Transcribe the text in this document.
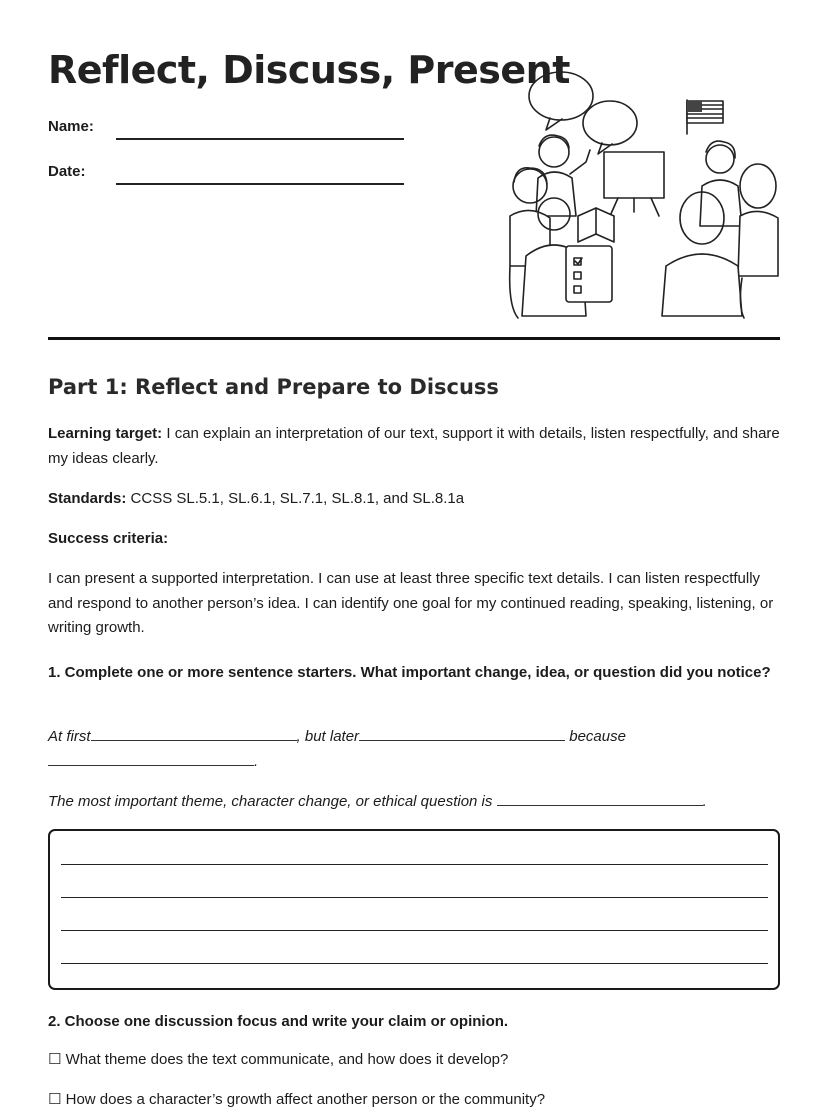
Reflect, Discuss, Present
Name:
Date:
Part 1: Reflect and Prepare to Discuss
Learning target: I can explain an interpretation of our text, support it with details, listen respectfully, and share my ideas clearly.
Standards: CCSS SL.5.1, SL.6.1, SL.7.1, SL.8.1, and SL.8.1a
Success criteria:
I can present a supported interpretation. I can use at least three specific text details. I can listen respectfully and respond to another person’s idea. I can identify one goal for my continued reading, speaking, listening, or writing growth.
1. Complete one or more sentence starters. What important change, idea, or question did you notice?
At first	, but later	because
.
The most important theme, character change, or ethical question is	.
2. Choose one discussion focus and write your claim or opinion.
☐ What theme does the text communicate, and how does it develop?
☐ How does a character’s growth affect another person or the community?
